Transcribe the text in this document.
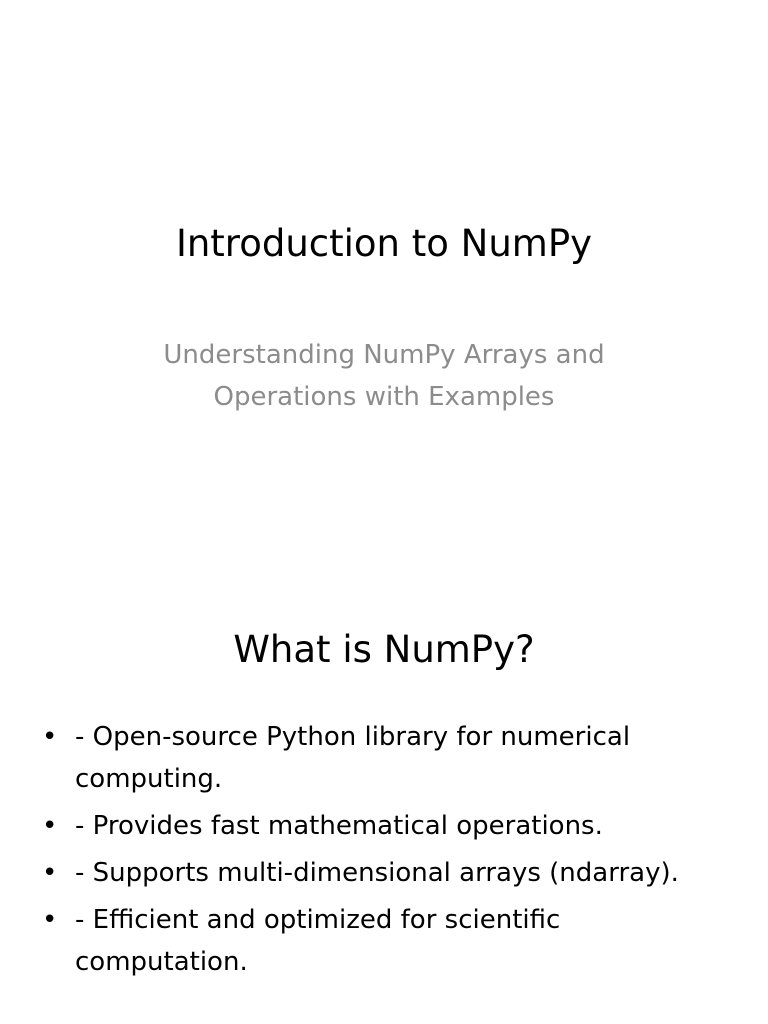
Introduction to NumPy

Understanding NumPy Arrays and
Operations with Examples

What is NumPy?
• - Open-source Python library for numerical computing.
• - Provides fast mathematical operations.
• - Supports multi-dimensional arrays (ndarray).
• - Efficient and optimized for scientific computation.
